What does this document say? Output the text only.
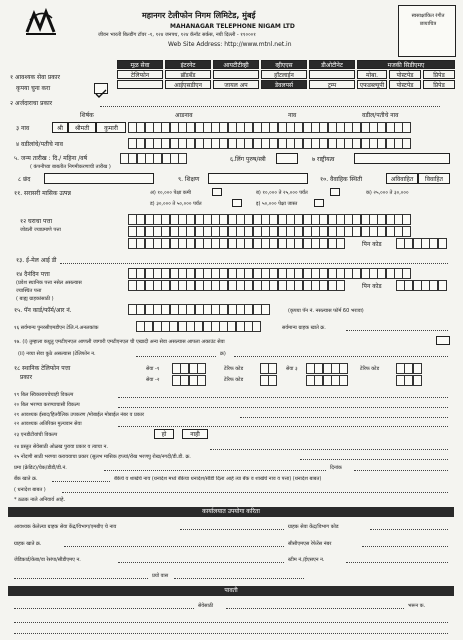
महानगर टेलीफोन निगम लिमिटेड, मुंबई
MAHANAGAR TELEPHONE NIGAM LTD
जीवन भारती बिल्डींग टॉवर -१, १२४ जनपथ, १२४ कॅनॉट सर्कस, नयी दिल्ली - ११०००१
Web Site Address: http://www.mtnl.net.in
स्वसाक्षांकित रंगीत छायाचित्र
मूळ सेवा	इंटरनेट	आयटीटीव्ही	व्हीएएस	डीओटीनेट	मजकी सिडीएमए
टेलिफोन	ब्रॉडबँड	हॉटलाईन	मोबा.	पोस्टपेड	प्रिपेड
आईएसडीएन	जायल अप	डेवलपर्स	ट्रम्प	एफडब्ल्यूपी	पोस्टपेड	प्रिपेड
१ आवश्यक सेवा प्रकार
कृपया चुना करा
२ अर्जदाराचा प्रकार
शिर्षक	आडनाव	नाव	वडील/पतीचे नाव
३ नाव	श्री	श्रीमती	कुमारी
४ वडीलांचे/पतीचे नाव
५. जन्म तारीख : दि./ महिना /वर्ष
( कंपनीच्या बाबतीत निगमीकरणाची तारीख )
६.लिंग पुरुष/स्त्री	७ राष्ट्रीयत्व
८ छंद	९. शिक्षण	१०. वैवाहिक स्थिती	अविवाहित	विवाहित
११. सरासरी मासिक उत्पन्न	अ) १०,००० पेक्षा कमी	ब) १०,००० ते २५,००० पर्यंत	क) २५,००० ते ३०,०००
ड) ३०,००० ते ५०,००० पर्यंत	इ) ५०,००० पेक्षा जास्त
१२ घराचा पत्ता
जोडली ज्याप्रमाणे पत्ता
पिन कोड
१३. ई-मेल आई डी
१४ दैनंदिन पत्ता
(प्रवेश स्थानिक पत्ता नसेल असल्यास
ज्यास्थित पत्ता
( बाह्य ग्राहकांसाठी )
पिन कोड
१५. पॅन कार्ड/फॉर्म/आर नं.	(कृपया पॅन नं. नसल्यास फॉर्म 60 भरावा)
१६ सर्वमान्य पुनरसीएमडीएन टेलि.नं.अनलकांक	सर्वमान्य ग्राहक खाते क्र.
१७. (i) तुम्हाला कधुतु एमटीएनएल आणली जागारी एमटीएनएल ची एखादी अन्य सेवा असल्यास आपला अकाउंट सेवा
(ii) नव्या सेवा कुठे असल्यास (टेलिफोन न.	क्र)
१८ स्थानिक टेलिफोन पत्ता
प्रकार
सेवा -१	टेरिफ कोड	सेवा ३	टेरिफ कोड
सेवा -२	टेरिफ कोड
१९ बिल स्विकारायचेचाही विकल्प
२० बिल भरण्या करण्याचासी विकल्प
२१ आवश्यक ईसाद/हितवैलिक उपकरण /मोबाईल मोबाईल नंबर व प्रकार
२२ आवश्यक अतिरिक्त मुल्यवान सेवा
२३ एनडीटीयांची विकल्प	हो	नाही
२४ प्रस्तुत सेवेसाठी ओळख पुरावा प्रकार व त्याचा न.
२५ नोंदणी साठी भरण्या करावयाचा प्रकार (सुलभ मासिक हप्त्यां/रोख भरणपु रोख/नगदी/डी.डी. क्र.
प्रमा (क्रेडिट)/चेक/डीडी/डी.नं.	दिनांक
बँक खाते क्र.	बँकेचे व शाखेचे नाव (धनादेश मध्ये बँकेचा धनादेश/सीडी दिला आहे त्या बँक व शाखेचे नाव व पत्ता) (धनादेश बाबत)
( धनादेश बाबत )
* ठळक नाले अनिवार्य आहे.
कार्यालयात उपयोगा करिता
आवश्यक केलेल्या ग्राहक सेवा केंद्र/विभाग/एमबीए चे नाव	ग्राहक सेवा केंद्र/विभाग कोड
ग्राहक खाते क्र.	सीसीएमएस रेफेरेंस नंबर
जेडिकार्ड/केबा/वा रेसंपा/सीडीएमए न.	स्टीम नं./ईएसएन न.
प्रयो वास
पावती
सेवेसाठी	भरून क.
